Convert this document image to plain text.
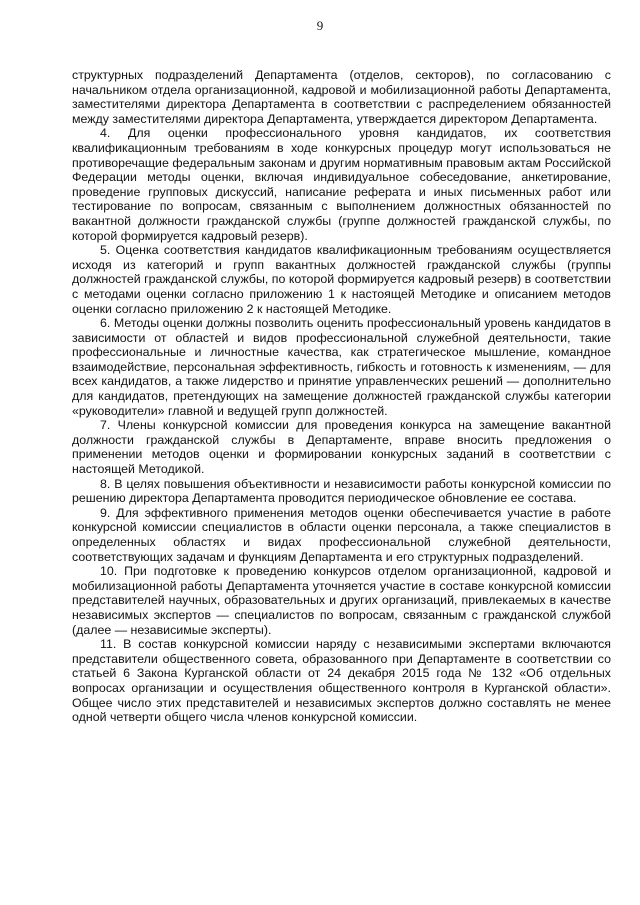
9

структурных подразделений Департамента (отделов, секторов), по согласованию с начальником отдела организационной, кадровой и мобилизационной работы Департамента, заместителями директора Департамента в соответствии с распределением обязанностей между заместителями директора Департамента, утверждается директором Департамента.

4. Для оценки профессионального уровня кандидатов, их соответствия квалификационным требованиям в ходе конкурсных процедур могут использоваться не противоречащие федеральным законам и другим нормативным правовым актам Российской Федерации методы оценки, включая индивидуальное собеседование, анкетирование, проведение групповых дискуссий, написание реферата и иных письменных работ или тестирование по вопросам, связанным с выполнением должностных обязанностей по вакантной должности гражданской службы (группе должностей гражданской службы, по которой формируется кадровый резерв).

5. Оценка соответствия кандидатов квалификационным требованиям осуществляется исходя из категорий и групп вакантных должностей гражданской службы (группы должностей гражданской службы, по которой формируется кадровый резерв) в соответствии с методами оценки согласно приложению 1 к настоящей Методике и описанием методов оценки согласно приложению 2 к настоящей Методике.

6. Методы оценки должны позволить оценить профессиональный уровень кандидатов в зависимости от областей и видов профессиональной служебной деятельности, такие профессиональные и личностные качества, как стратегическое мышление, командное взаимодействие, персональная эффективность, гибкость и готовность к изменениям, — для всех кандидатов, а также лидерство и принятие управленческих решений — дополнительно для кандидатов, претендующих на замещение должностей гражданской службы категории «руководители» главной и ведущей групп должностей.

7. Члены конкурсной комиссии для проведения конкурса на замещение вакантной должности гражданской службы в Департаменте, вправе вносить предложения о применении методов оценки и формировании конкурсных заданий в соответствии с настоящей Методикой.

8. В целях повышения объективности и независимости работы конкурсной комиссии по решению директора Департамента проводится периодическое обновление ее состава.

9. Для эффективного применения методов оценки обеспечивается участие в работе конкурсной комиссии специалистов в области оценки персонала, а также специалистов в определенных областях и видах профессиональной служебной деятельности, соответствующих задачам и функциям Департамента и его структурных подразделений.

10. При подготовке к проведению конкурсов отделом организационной, кадровой и мобилизационной работы Департамента уточняется участие в составе конкурсной комиссии представителей научных, образовательных и других организаций, привлекаемых в качестве независимых экспертов — специалистов по вопросам, связанным с гражданской службой (далее — независимые эксперты).

11. В состав конкурсной комиссии наряду с независимыми экспертами включаются представители общественного совета, образованного при Департаменте в соответствии со статьей 6 Закона Курганской области от 24 декабря 2015 года № 132 «Об отдельных вопросах организации и осуществления общественного контроля в Курганской области». Общее число этих представителей и независимых экспертов должно составлять не менее одной четверти общего числа членов конкурсной комиссии.
